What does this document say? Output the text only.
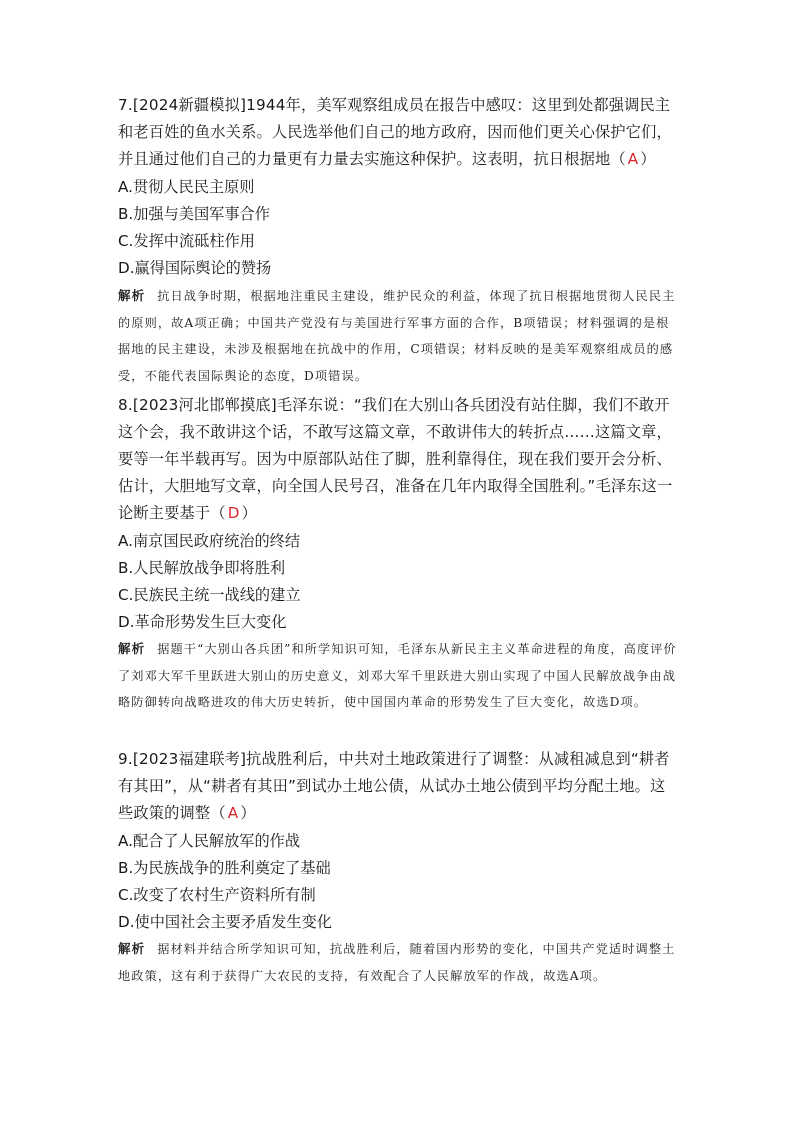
7.[2024新疆模拟]1944年，美军观察组成员在报告中感叹：这里到处都强调民主和老百姓的鱼水关系。人民选举他们自己的地方政府，因而他们更关心保护它们，并且通过他们自己的力量更有力量去实施这种保护。这表明，抗日根据地（ A ）
A.贯彻人民民主原则
B.加强与美国军事合作
C.发挥中流砥柱作用
D.赢得国际舆论的赞扬
解析 抗日战争时期，根据地注重民主建设，维护民众的利益，体现了抗日根据地贯彻人民民主的原则，故A项正确；中国共产党没有与美国进行军事方面的合作，B项错误；材料强调的是根据地的民主建设，未涉及根据地在抗战中的作用，C项错误；材料反映的是美军观察组成员的感受，不能代表国际舆论的态度，D项错误。
8.[2023河北邯郸摸底]毛泽东说：“我们在大别山各兵团没有站住脚，我们不敢开这个会，我不敢讲这个话，不敢写这篇文章，不敢讲伟大的转折点……这篇文章，要等一年半载再写。因为中原部队站住了脚，胜利靠得住，现在我们要开会分析、估计，大胆地写文章，向全国人民号召，准备在几年内取得全国胜利。”毛泽东这一论断主要基于（ D ）
A.南京国民政府统治的终结
B.人民解放战争即将胜利
C.民族民主统一战线的建立
D.革命形势发生巨大变化
解析 据题干“大别山各兵团”和所学知识可知，毛泽东从新民主主义革命进程的角度，高度评价了刘邓大军千里跃进大别山的历史意义，刘邓大军千里跃进大别山实现了中国人民解放战争由战略防御转向战略进攻的伟大历史转折，使中国国内革命的形势发生了巨大变化，故选D项。
9.[2023福建联考]抗战胜利后，中共对土地政策进行了调整：从减租减息到“耕者有其田”，从“耕者有其田”到试办土地公债，从试办土地公债到平均分配土地。这些政策的调整（ A ）
A.配合了人民解放军的作战
B.为民族战争的胜利奠定了基础
C.改变了农村生产资料所有制
D.使中国社会主要矛盾发生变化
解析 据材料并结合所学知识可知，抗战胜利后，随着国内形势的变化，中国共产党适时调整土地政策，这有利于获得广大农民的支持，有效配合了人民解放军的作战，故选A项。
